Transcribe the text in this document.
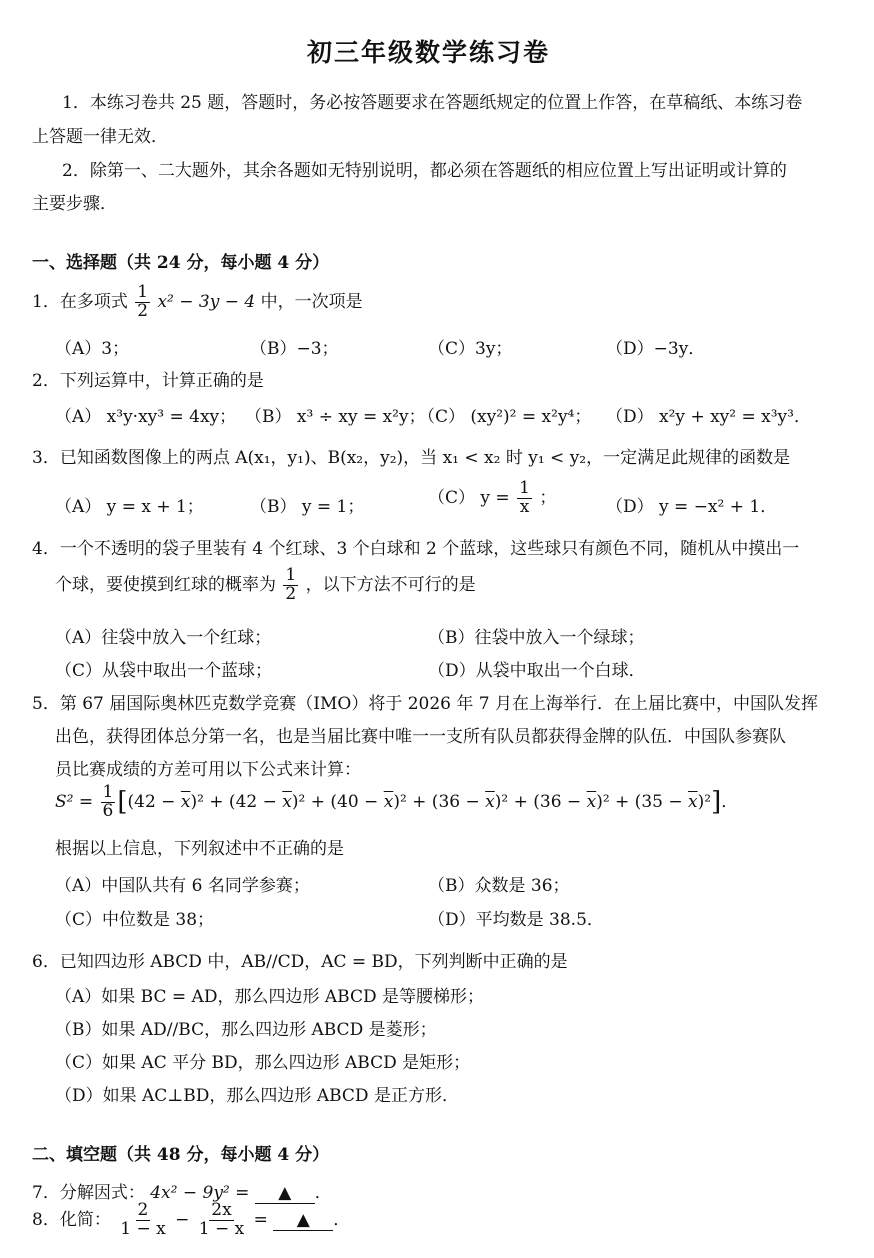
初三年级数学练习卷
1．本练习卷共 25 题，答题时，务必按答题要求在答题纸规定的位置上作答，在草稿纸、本练习卷
上答题一律无效．
2．除第一、二大题外，其余各题如无特别说明，都必须在答题纸的相应位置上写出证明或计算的
主要步骤．
一、选择题（共 24 分，每小题 4 分）
1．在多项式 $\frac{1}{2} x^2 - 3y - 4$ 中，一次项是
（A）3；	（B）−3；	（C）3y；	（D）−3y．
2．下列运算中，计算正确的是
（A） x³y·xy³ = 4xy； （B） x³ ÷ xy = x²y；
（C） (xy²)² = x²y⁴； （D） x²y + xy² = x³y³．
3．已知函数图像上的两点 A(x₁，y₁)、B(x₂，y₂)，当 x₁ < x₂ 时 y₁ < y₂，一定满足此规律的函数是
（A） y = x + 1；	（B） y = 1；	（C） $y = \frac{1}{x}$ ；	（D） y = −x² + 1．
4．一个不透明的袋子里装有 4 个红球、3 个白球和 2 个蓝球，这些球只有颜色不同，随机从中摸出一
个球，要使摸到红球的概率为 $\frac{1}{2}$ ，以下方法不可行的是
（A）往袋中放入一个红球；	（B）往袋中放入一个绿球；
（C）从袋中取出一个蓝球；	（D）从袋中取出一个白球．
5．第 67 届国际奥林匹克数学竞赛（IMO）将于 2026 年 7 月在上海举行．在上届比赛中，中国队发挥
出色，获得团体总分第一名，也是当届比赛中唯一一支所有队员都获得金牌的队伍．中国队参赛队
员比赛成绩的方差可用以下公式来计算：
$S^2 = \frac{1}{6} [(42 - \overline{x})^2 + (42 - \overline{x})^2 + (40 - \overline{x})^2 + (36 - \overline{x})^2 + (36 - \overline{x})^2 + (35 - \overline{x})^2]$．
根据以上信息，下列叙述中不正确的是
（A）中国队共有 6 名同学参赛；	（B）众数是 36；
（C）中位数是 38；	（D）平均数是 38.5．
6．已知四边形 ABCD 中，AB//CD，AC = BD，下列判断中正确的是
（A）如果 BC = AD，那么四边形 ABCD 是等腰梯形；
（B）如果 AD//BC，那么四边形 ABCD 是菱形；
（C）如果 AC 平分 BD，那么四边形 ABCD 是矩形；
（D）如果 AC⊥BD，那么四边形 ABCD 是正方形．
二、填空题（共 48 分，每小题 4 分）
7．分解因式： 4x² − 9y² = ▲ ．
8．化简： $\frac{2}{1 - x} - \frac{2x}{1 - x}$ = ▲ ．
